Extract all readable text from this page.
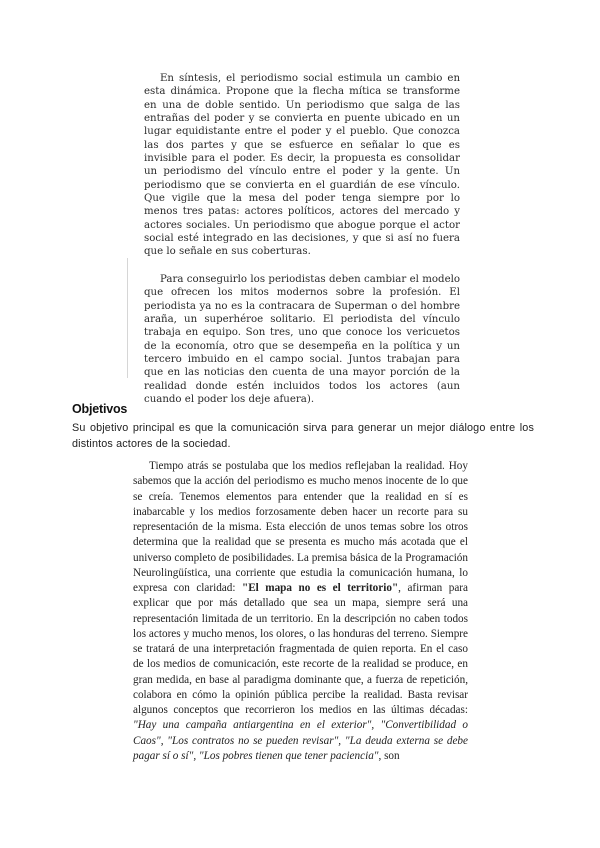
En síntesis, el periodismo social estimula un cambio en esta dinámica. Propone que la flecha mítica se transforme en una de doble sentido. Un periodismo que salga de las entrañas del poder y se convierta en puente ubicado en un lugar equidistante entre el poder y el pueblo. Que conozca las dos partes y que se esfuerce en señalar lo que es invisible para el poder. Es decir, la propuesta es consolidar un periodismo del vínculo entre el poder y la gente. Un periodismo que se convierta en el guardián de ese vínculo. Que vigile que la mesa del poder tenga siempre por lo menos tres patas: actores políticos, actores del mercado y actores sociales. Un periodismo que abogue porque el actor social esté integrado en las decisiones, y que si así no fuera que lo señale en sus coberturas.

Para conseguirlo los periodistas deben cambiar el modelo que ofrecen los mitos modernos sobre la profesión. El periodista ya no es la contracara de Superman o del hombre araña, un superhéroe solitario. El periodista del vínculo trabaja en equipo. Son tres, uno que conoce los vericuetos de la economía, otro que se desempeña en la política y un tercero imbuido en el campo social. Juntos trabajan para que en las noticias den cuenta de una mayor porción de la realidad donde estén incluidos todos los actores (aun cuando el poder los deje afuera).

Objetivos

Su objetivo principal es que la comunicación sirva para generar un mejor diálogo entre los distintos actores de la sociedad.

Tiempo atrás se postulaba que los medios reflejaban la realidad. Hoy sabemos que la acción del periodismo es mucho menos inocente de lo que se creía. Tenemos elementos para entender que la realidad en sí es inabarcable y los medios forzosamente deben hacer un recorte para su representación de la misma. Esta elección de unos temas sobre los otros determina que la realidad que se presenta es mucho más acotada que el universo completo de posibilidades. La premisa básica de la Programación Neurolingüística, una corriente que estudia la comunicación humana, lo expresa con claridad: "El mapa no es el territorio", afirman para explicar que por más detallado que sea un mapa, siempre será una representación limitada de un territorio. En la descripción no caben todos los actores y mucho menos, los olores, o las honduras del terreno. Siempre se tratará de una interpretación fragmentada de quien reporta. En el caso de los medios de comunicación, este recorte de la realidad se produce, en gran medida, en base al paradigma dominante que, a fuerza de repetición, colabora en cómo la opinión pública percibe la realidad. Basta revisar algunos conceptos que recorrieron los medios en las últimas décadas: "Hay una campaña antiargentina en el exterior", "Convertibilidad o Caos", "Los contratos no se pueden revisar", "La deuda externa se debe pagar sí o sí", "Los pobres tienen que tener paciencia", son
